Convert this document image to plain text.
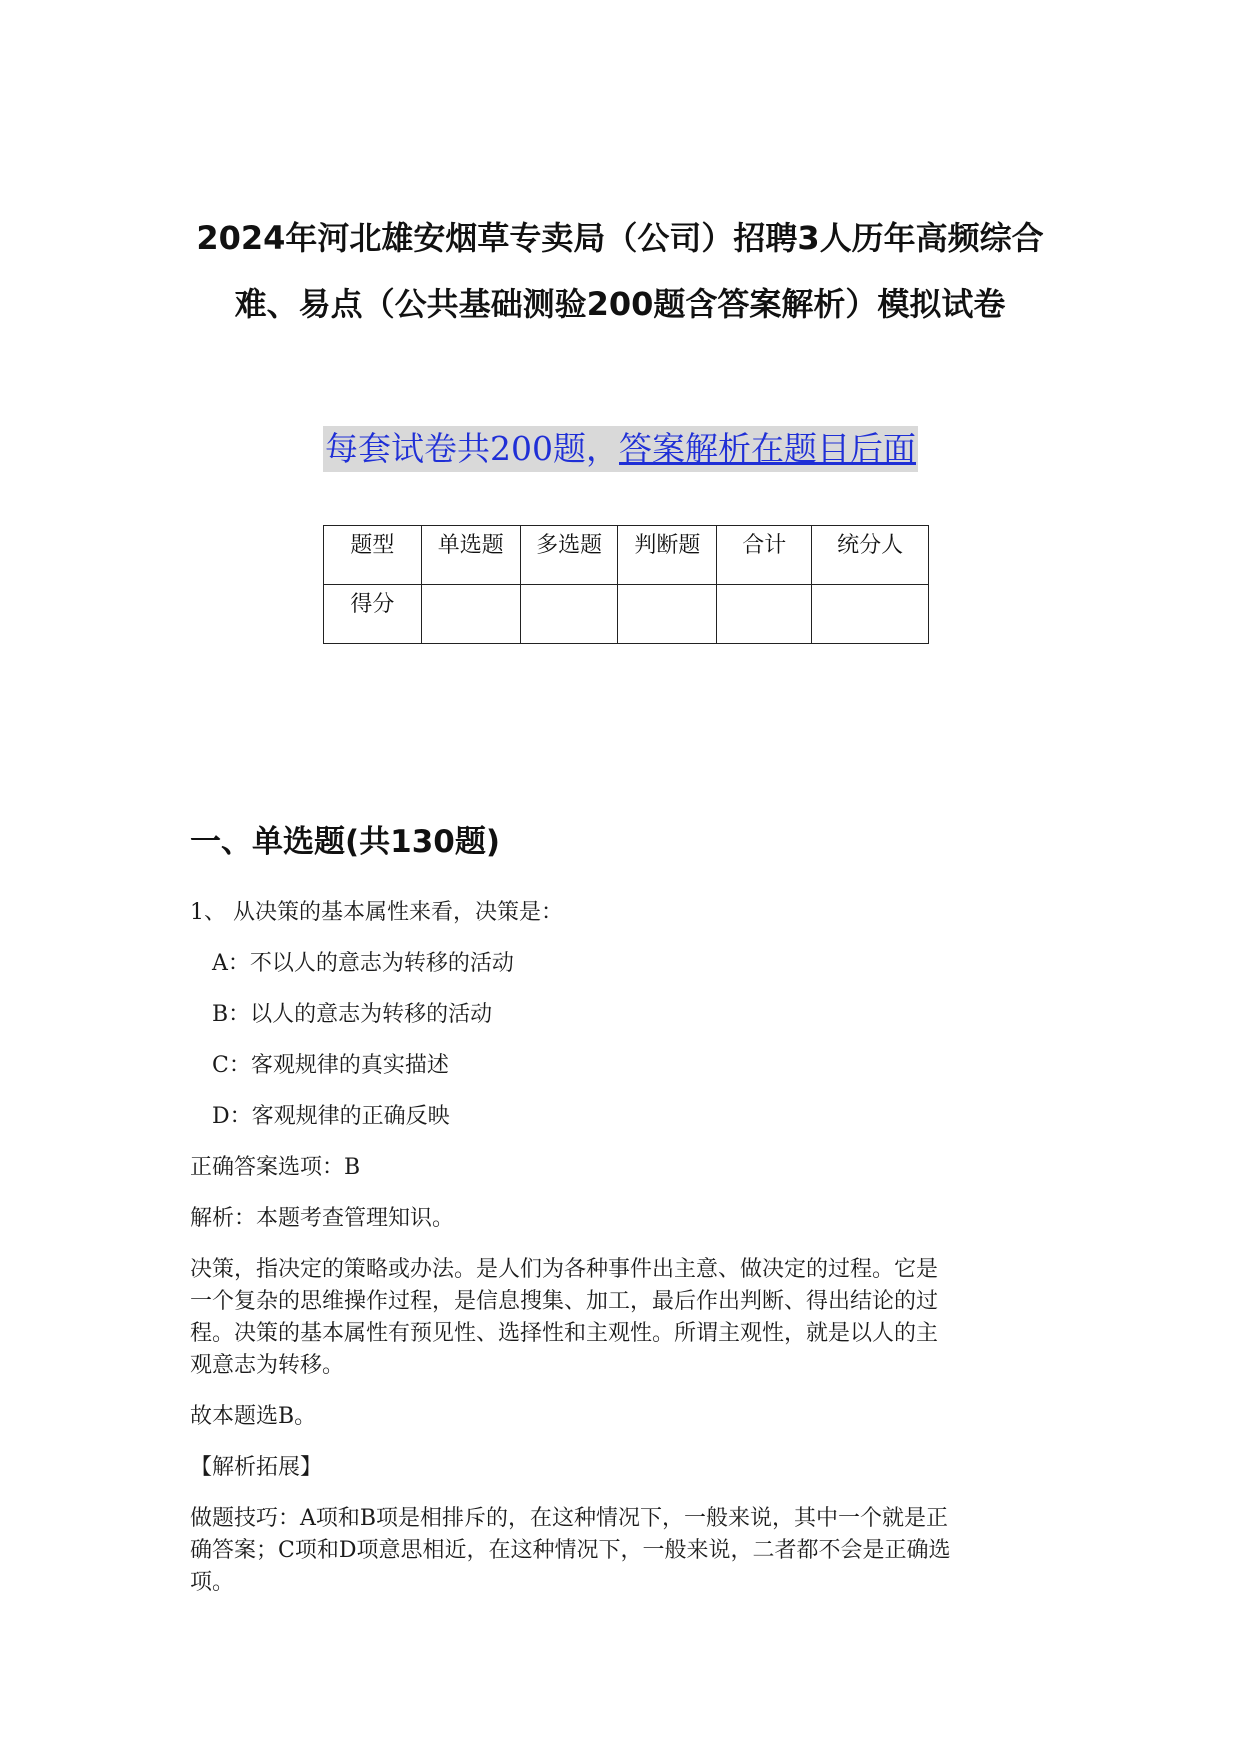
2024年河北雄安烟草专卖局（公司）招聘3人历年高频综合
难、易点（公共基础测验200题含答案解析）模拟试卷
每套试卷共200题，答案解析在题目后面
题型	单选题	多选题	判断题	合计	统分人
得分					
一、单选题(共130题)
1、 从决策的基本属性来看，决策是：
A：不以人的意志为转移的活动
B：以人的意志为转移的活动
C：客观规律的真实描述
D：客观规律的正确反映
正确答案选项：B
解析：本题考查管理知识。
决策，指决定的策略或办法。是人们为各种事件出主意、做决定的过程。它是
一个复杂的思维操作过程，是信息搜集、加工，最后作出判断、得出结论的过
程。决策的基本属性有预见性、选择性和主观性。所谓主观性，就是以人的主
观意志为转移。
故本题选B。
【解析拓展】
做题技巧：A项和B项是相排斥的，在这种情况下，一般来说，其中一个就是正
确答案；C项和D项意思相近，在这种情况下，一般来说，二者都不会是正确选
项。
